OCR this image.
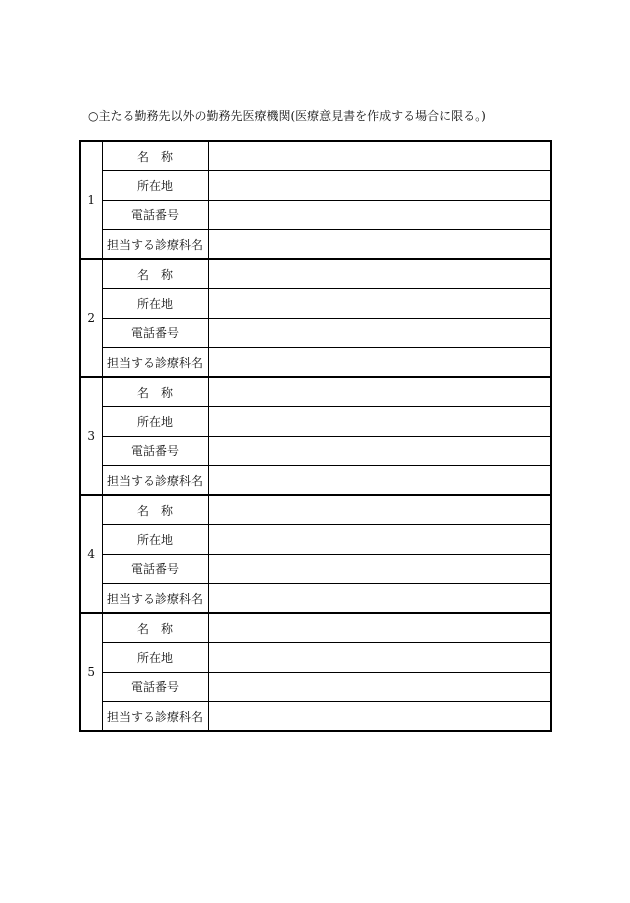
○主たる勤務先以外の勤務先医療機関(医療意見書を作成する場合に限る。)
1	名　称	
	所在地	
	電話番号	
	担当する診療科名	
2	名　称	
	所在地	
	電話番号	
	担当する診療科名	
3	名　称	
	所在地	
	電話番号	
	担当する診療科名	
4	名　称	
	所在地	
	電話番号	
	担当する診療科名	
5	名　称	
	所在地	
	電話番号	
	担当する診療科名	
